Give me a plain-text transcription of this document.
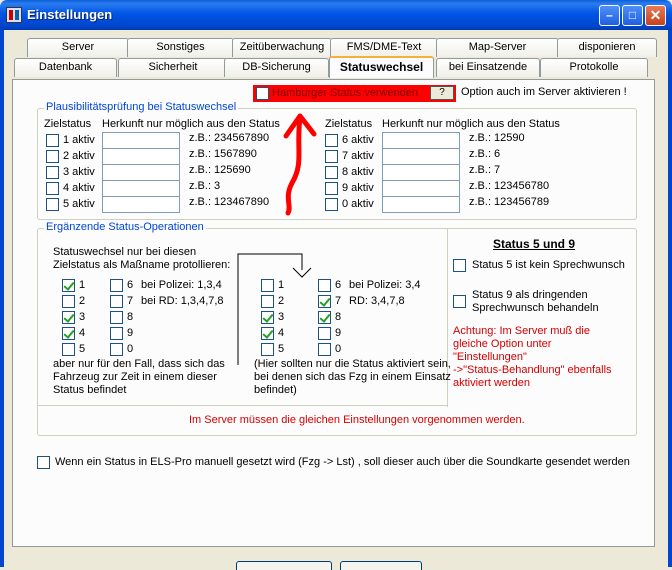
Einstellungen	–	□ ✕
Hamburger Status verwenden	?	Option auch im Server aktivieren !
Plausibilitätsprüfung bei Statuswechsel
Zielstatus Herkunft nur möglich aus den Status	Zielstatus Herkunft nur möglich aus den Status
Ergänzende Status-Operationen
Statuswechsel nur bei diesen
Zielstatus als Maßname protollieren:
bei Polizei: 1,3,4
bei RD: 1,3,4,7,8
bei Polizei: 3,4
RD: 3,4,7,8
aber nur für den Fall, dass sich das
Fahrzeug zur Zeit in einem dieser
Status befindet
(Hier sollten nur die Status aktiviert sein,
bei denen sich das Fzg in einem Einsatz
befindet)
Status 5 und 9
Status 5 ist kein Sprechwunsch
Status 9 als dringenden
Sprechwunsch behandeln
Achtung: Im Server muß die
gleiche Option unter
"Einstellungen"
->"Status-Behandlung" ebenfalls
aktiviert werden
Im Server müssen die gleichen Einstellungen vorgenommen werden.
Wenn ein Status in ELS-Pro manuell gesetzt wird (Fzg -> Lst) , soll dieser auch über die Soundkarte gesendet werden
Server	Sonstiges	Zeitüberwachung	FMS/DME-Text	Map-Server	disponieren
Datenbank	Sicherheit	DB-Sicherung	Statuswechsel	bei Einsatzende	Protokolle
1 aktiv	z.B.: 234567890
2 aktiv	z.B.: 1567890
3 aktiv	z.B.: 125690
4 aktiv	z.B.: 3
5 aktiv	z.B.: 123467890
6 aktiv	z.B.: 12590
7 aktiv	z.B.: 6
8 aktiv	z.B.: 7
9 aktiv	z.B.: 123456780
0 aktiv	z.B.: 123456789
1
2
3
4
5
6
7
8
9
0
1
2
3
4
5
6
7
8
9
0
